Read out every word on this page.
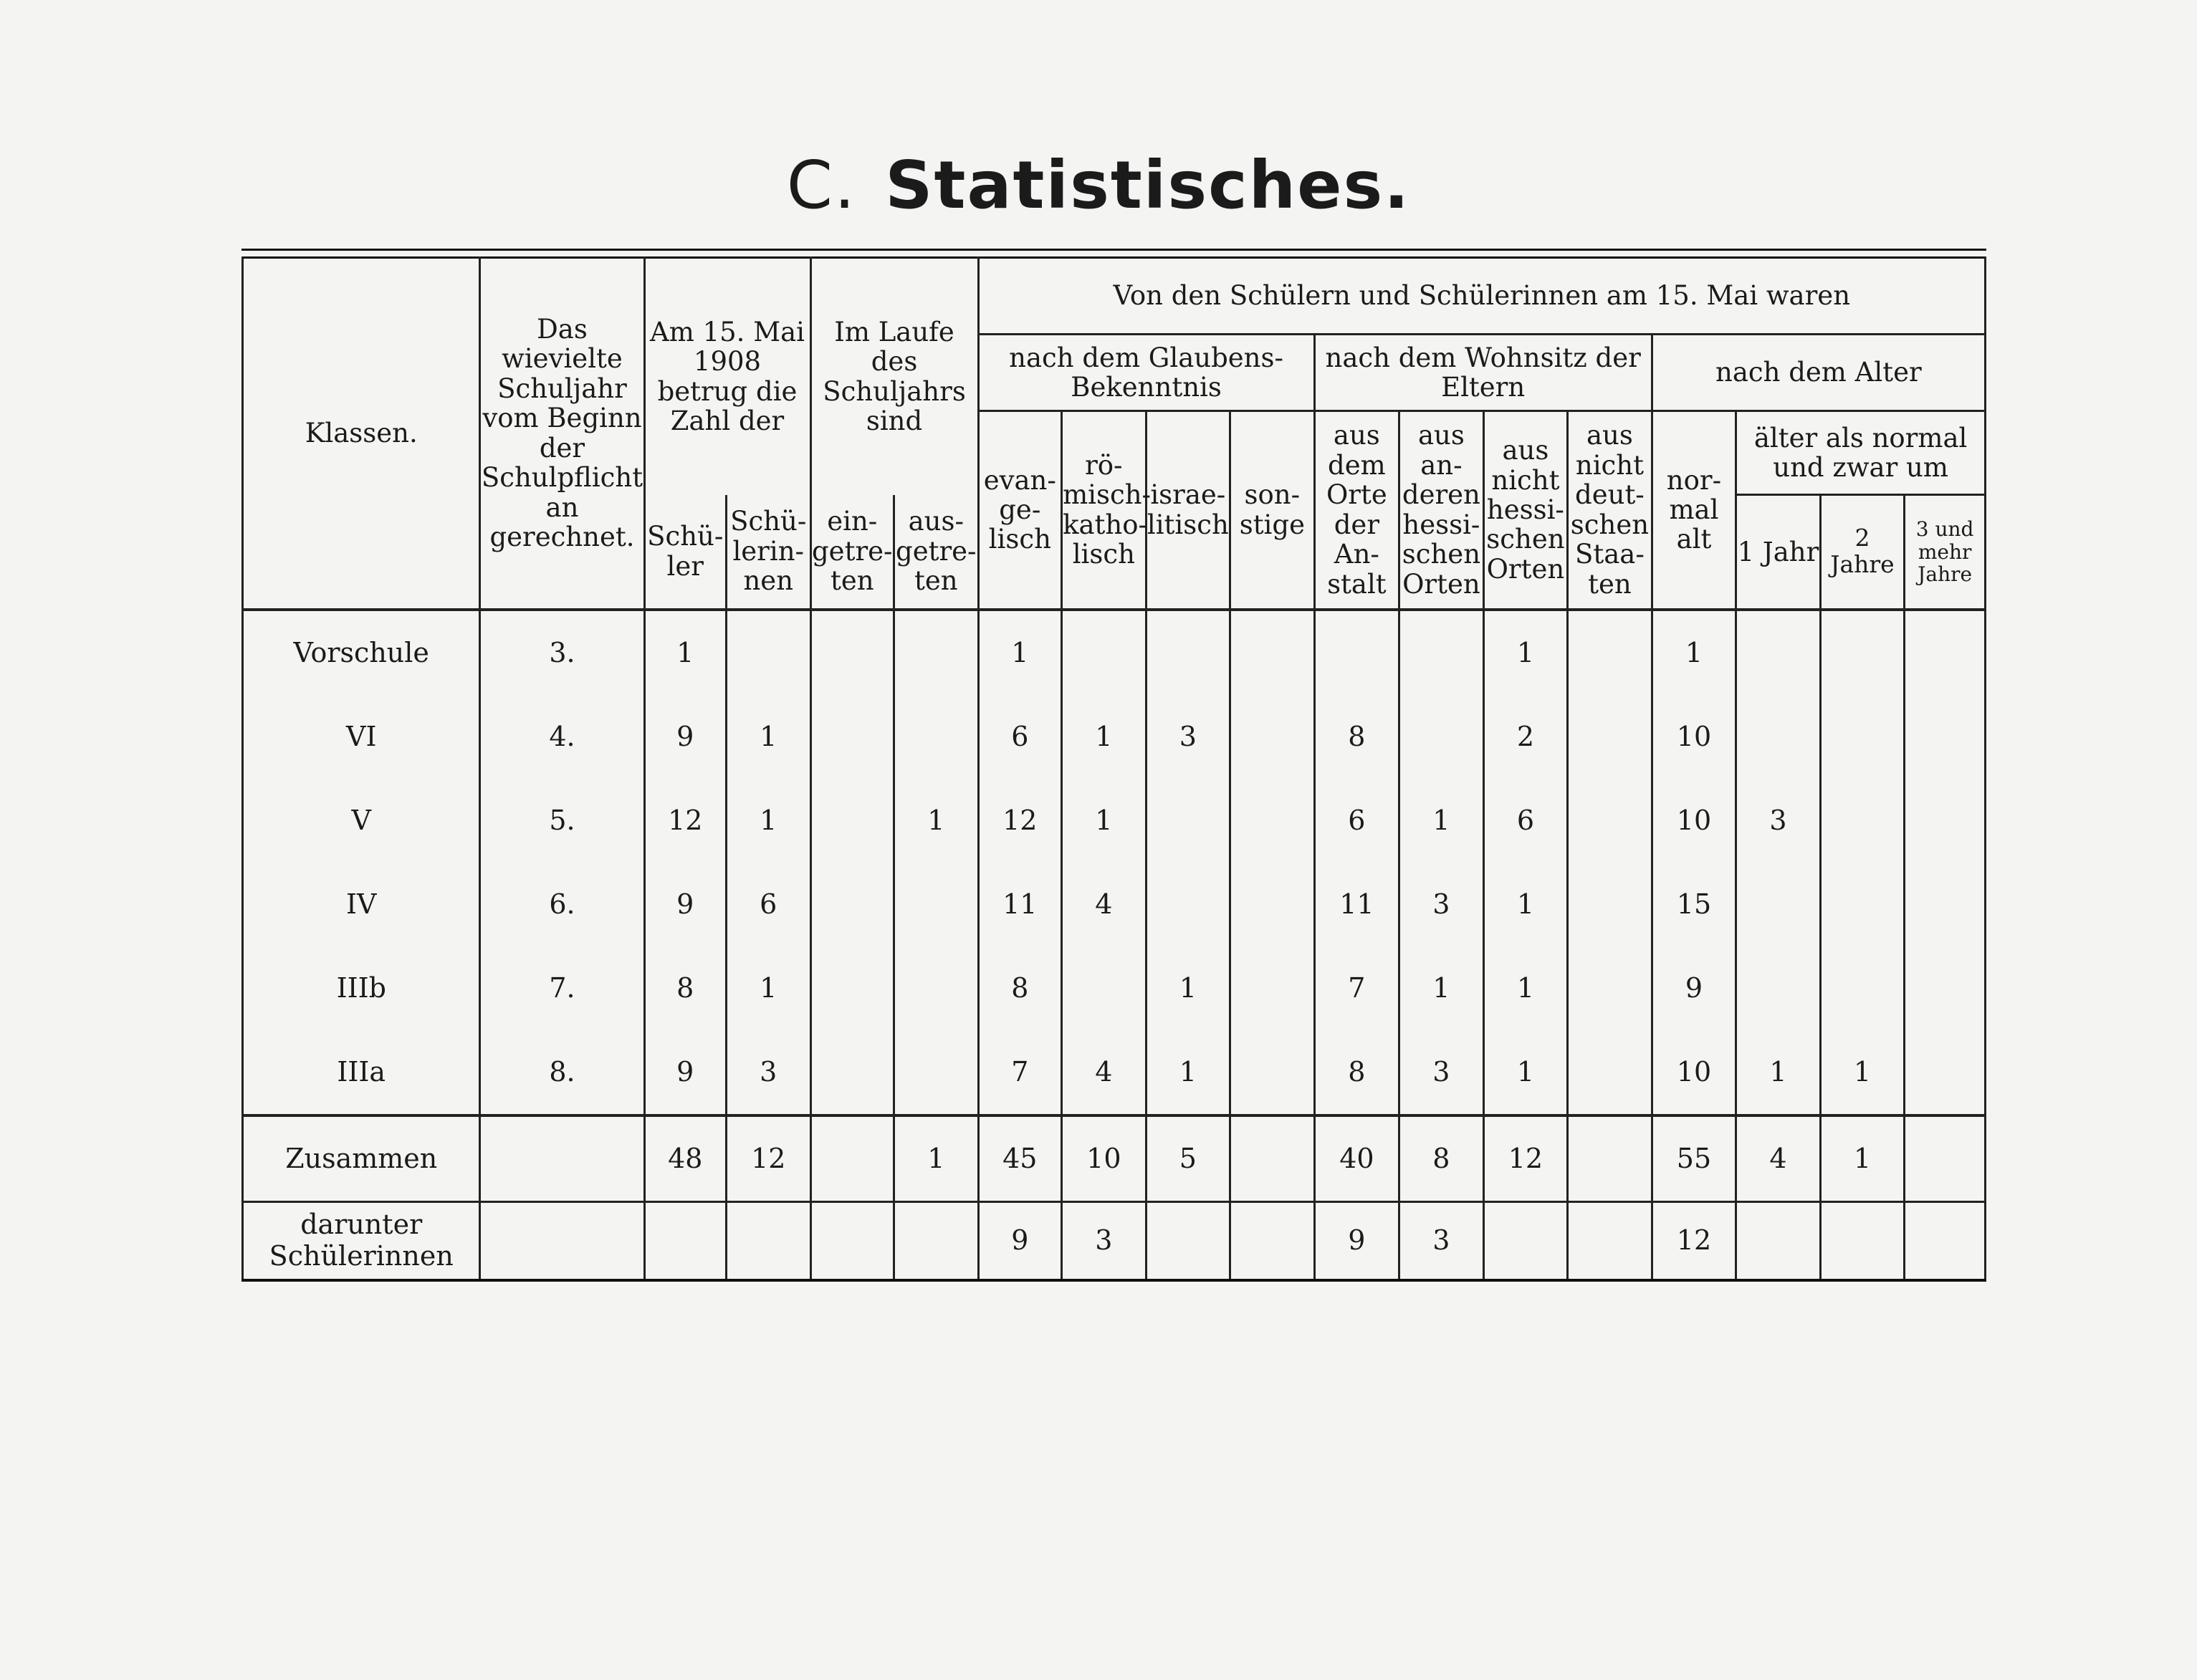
C. Statistisches.
Klassen.	Das wievielte Schuljahr vom Beginn der Schulpflicht an gerechnet.	Am 15. Mai 1908 betrug die Zahl der		Im Laufe des Schuljahrs sind		Von den Schülern und Schülerinnen am 15. Mai waren											
						nach dem Glaubens-Bekenntnis				nach dem Wohnsitz der Eltern				nach dem Alter			
						evan-ge-lisch	rö-misch-katho-lisch	israe-litisch	son-stige	aus dem Orte der An-stalt	aus an-deren hessi-schen Orten	aus nicht hessi-schen Orten	aus nicht deut-schen Staa-ten	nor-mal alt	älter als normal und zwar um		
															1 Jahr	2 Jahre	3 und mehr Jahre
		Schü-ler	Schü-lerin-nen	ein-getre-ten	aus-getre-ten												
Vorschule	3.	1				1						1		1			
VI	4.	9	1			6	1	3		8		2		10			
V	5.	12	1		1	12	1			6	1	6		10	3		
IV	6.	9	6			11	4			11	3	1		15			
IIIb	7.	8	1			8		1		7	1	1		9			
IIIa	8.	9	3			7	4	1		8	3	1		10	1	1	
Zusammen		48	12		1	45	10	5		40	8	12		55	4	1	
darunter Schülerinnen						9	3			9	3			12			
